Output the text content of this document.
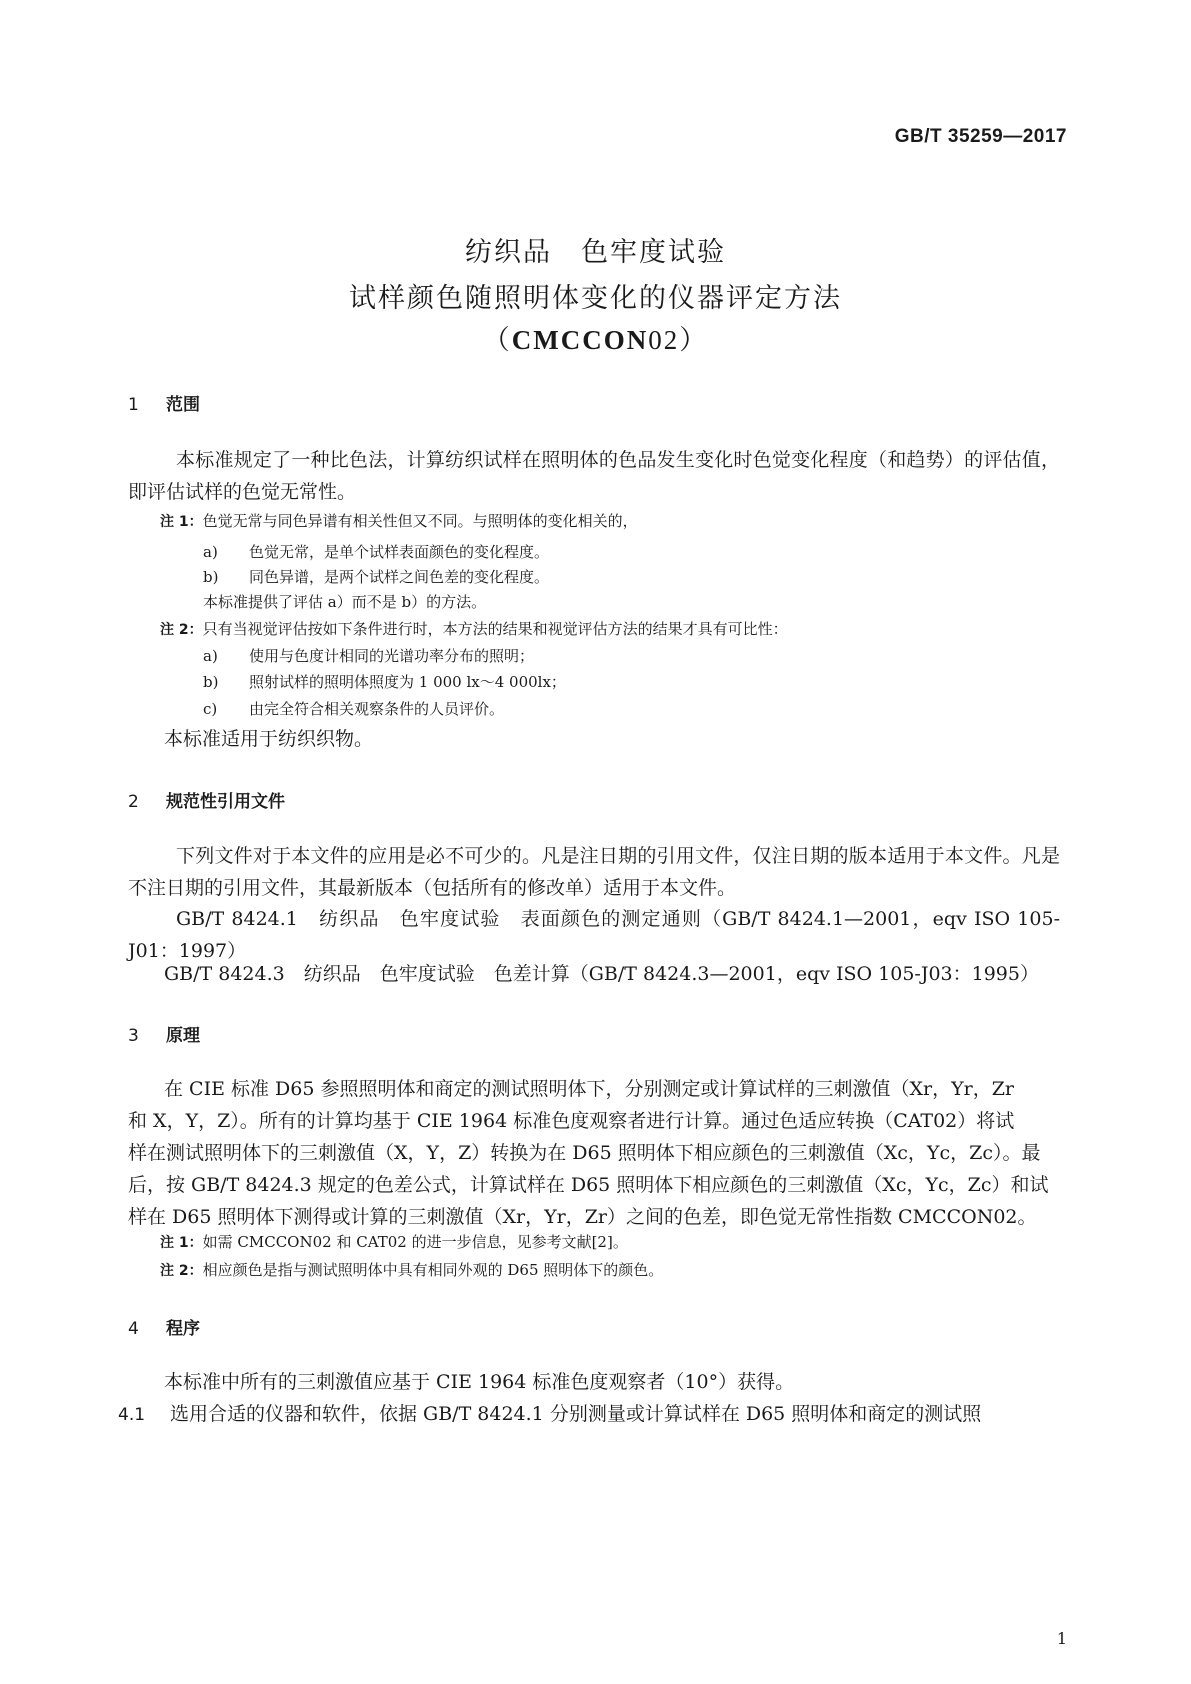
GB/T 35259—2017
纺织品　色牢度试验
试样颜色随照明体变化的仪器评定方法
（CMCCON02）
1 范围
本标准规定了一种比色法，计算纺织试样在照明体的色品发生变化时色觉变化程度（和趋势）的评估值，即评估试样的色觉无常性。
注 1：色觉无常与同色异谱有相关性但又不同。与照明体的变化相关的，
a) 色觉无常，是单个试样表面颜色的变化程度。
b) 同色异谱，是两个试样之间色差的变化程度。
本标准提供了评估 a）而不是 b）的方法。
注 2：只有当视觉评估按如下条件进行时，本方法的结果和视觉评估方法的结果才具有可比性：
a) 使用与色度计相同的光谱功率分布的照明；
b) 照射试样的照明体照度为 1 000 lx～4 000lx；
c) 由完全符合相关观察条件的人员评价。
本标准适用于纺织织物。
2 规范性引用文件
下列文件对于本文件的应用是必不可少的。凡是注日期的引用文件，仅注日期的版本适用于本文件。凡是不注日期的引用文件，其最新版本（包括所有的修改单）适用于本文件。
GB/T 8424.1　纺织品　色牢度试验　表面颜色的测定通则（GB/T 8424.1—2001，eqv ISO 105-J01：1997）
GB/T 8424.3　纺织品　色牢度试验　色差计算（GB/T 8424.3—2001，eqv ISO 105-J03：1995）
3 原理
在 CIE 标准 D65 参照照明体和商定的测试照明体下，分别测定或计算试样的三刺激值（Xr，Yr，Zr
和 X，Y，Z）。所有的计算均基于 CIE 1964 标准色度观察者进行计算。通过色适应转换（CAT02）将试
样在测试照明体下的三刺激值（X，Y，Z）转换为在 D65 照明体下相应颜色的三刺激值（Xc，Yc，Zc）。最
后，按 GB/T 8424.3 规定的色差公式，计算试样在 D65 照明体下相应颜色的三刺激值（Xc，Yc，Zc）和试
样在 D65 照明体下测得或计算的三刺激值（Xr，Yr，Zr）之间的色差，即色觉无常性指数 CMCCON02。
注 1：如需 CMCCON02 和 CAT02 的进一步信息，见参考文献[2]。
注 2：相应颜色是指与测试照明体中具有相同外观的 D65 照明体下的颜色。
4 程序
本标准中所有的三刺激值应基于 CIE 1964 标准色度观察者（10°）获得。
4.1 选用合适的仪器和软件，依据 GB/T 8424.1 分别测量或计算试样在 D65 照明体和商定的测试照
1
